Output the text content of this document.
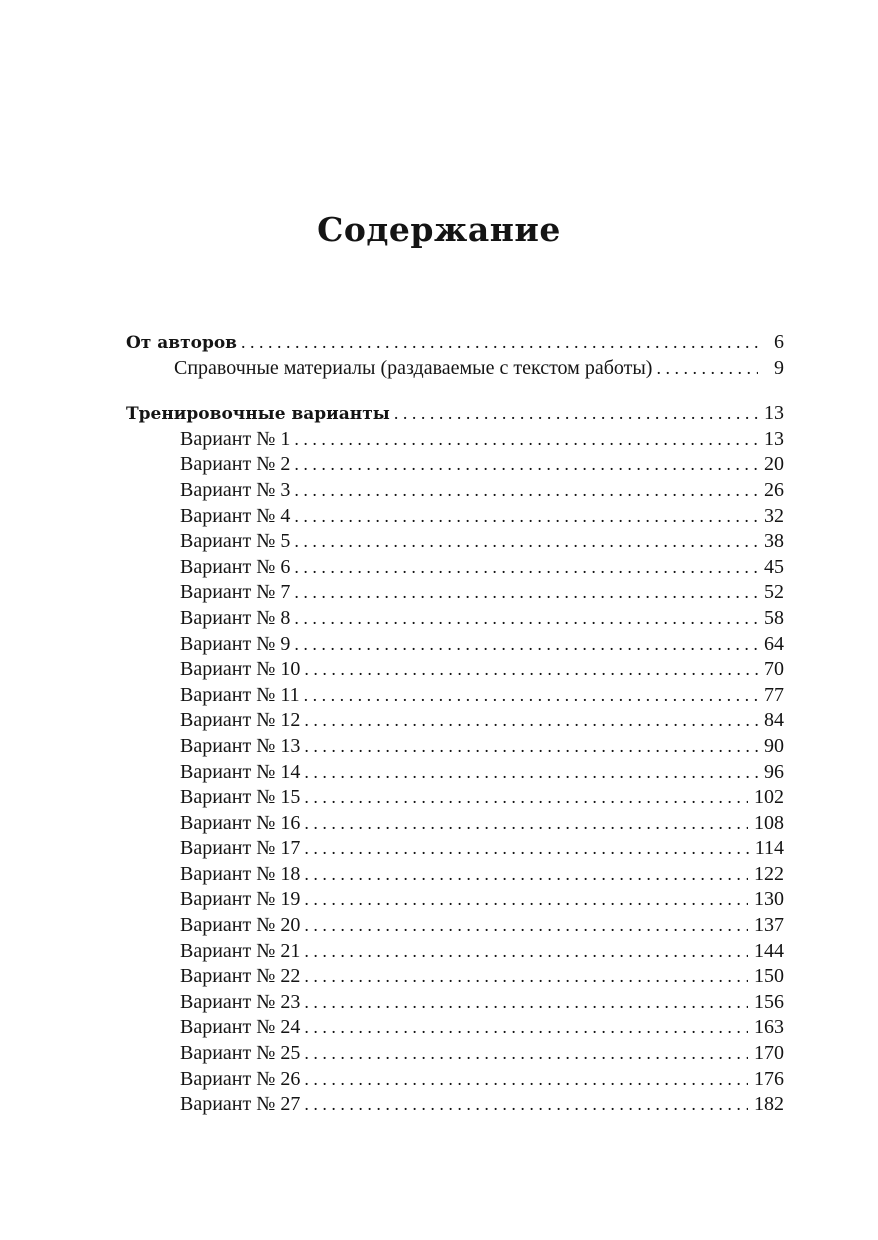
Содержание
От авторов . . .	6
Справочные материалы (раздаваемые с текстом работы) . . .	9
Тренировочные варианты . . .	13
Вариант № 1 . . .	13
Вариант № 2 . . .	20
Вариант № 3 . . .	26
Вариант № 4 . . .	32
Вариант № 5 . . .	38
Вариант № 6 . . .	45
Вариант № 7 . . .	52
Вариант № 8 . . .	58
Вариант № 9 . . .	64
Вариант № 10 . . .	70
Вариант № 11 . . .	77
Вариант № 12 . . .	84
Вариант № 13 . . .	90
Вариант № 14 . . .	96
Вариант № 15 . . .	102
Вариант № 16 . . .	108
Вариант № 17 . . .	114
Вариант № 18 . . .	122
Вариант № 19 . . .	130
Вариант № 20 . . .	137
Вариант № 21 . . .	144
Вариант № 22 . . .	150
Вариант № 23 . . .	156
Вариант № 24 . . .	163
Вариант № 25 . . .	170
Вариант № 26 . . .	176
Вариант № 27 . . .	182
